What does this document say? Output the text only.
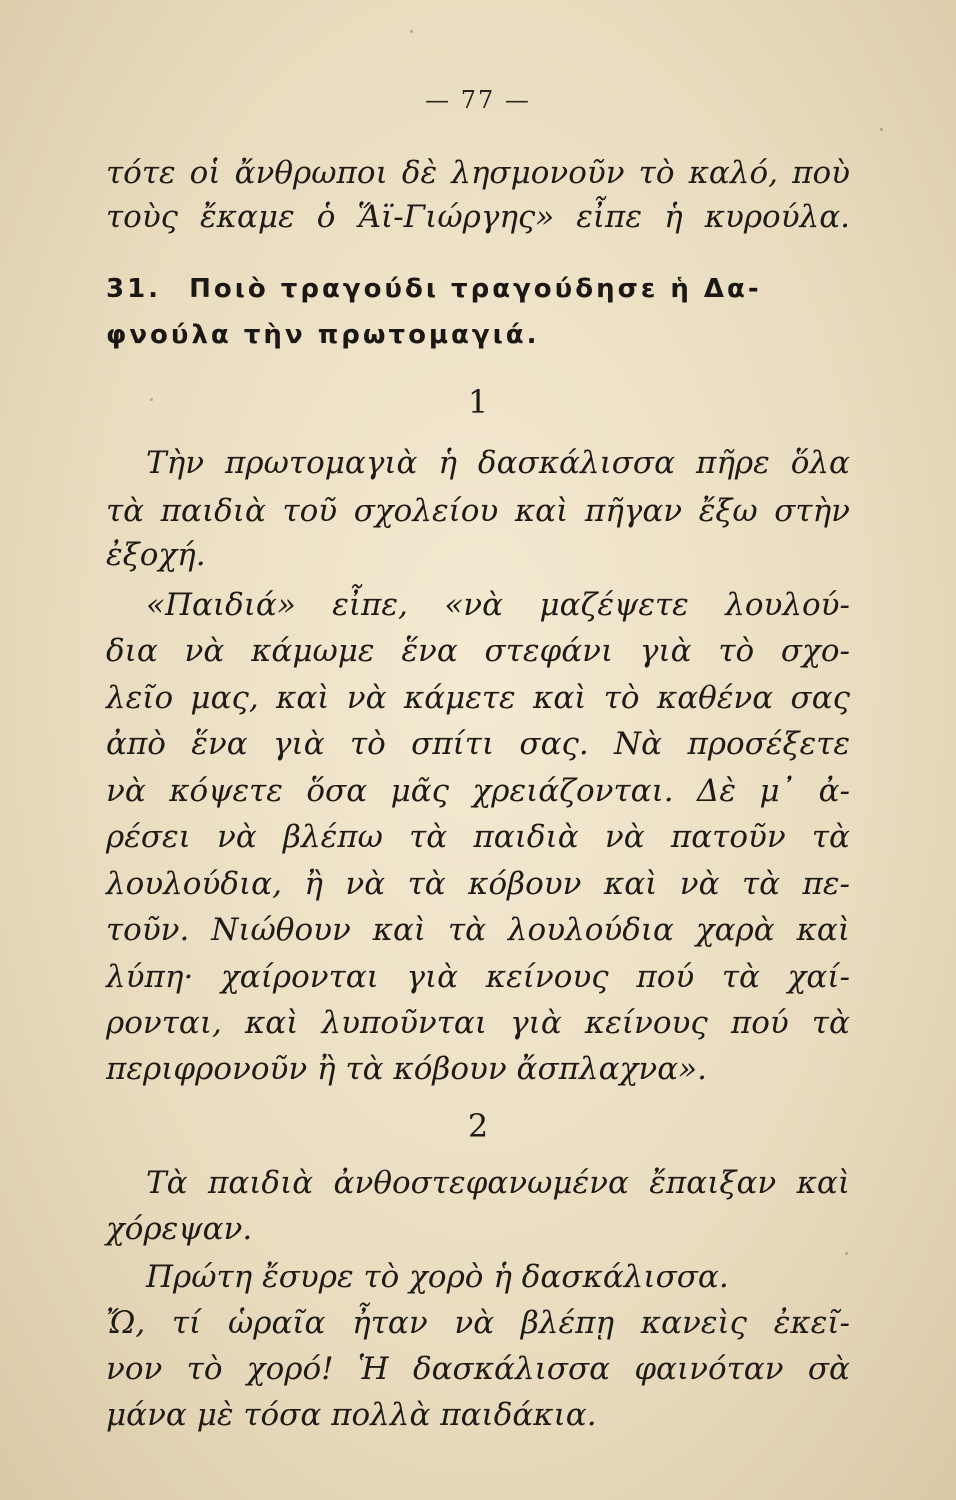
— 77 —
τότε οἱ ἄνθρωποι δὲ λησμονοῦν τὸ καλό, ποὺ
τοὺς ἔκαμε ὁ Ἅϊ-Γιώργης» εἶπε ἡ κυρούλα.
31. Ποιὸ τραγούδι τραγούδησε ἡ Δα-
φνούλα τὴν πρωτομαγιά.
1
Τὴν πρωτομαγιὰ ἡ δασκάλισσα πῆρε ὅλα
τὰ παιδιὰ τοῦ σχολείου καὶ πῆγαν ἔξω στὴν
ἐξοχή.
«Παιδιά» εἶπε, «νὰ μαζέψετε λουλού-
δια νὰ κάμωμε ἕνα στεφάνι γιὰ τὸ σχο-
λεῖο μας, καὶ νὰ κάμετε καὶ τὸ καθένα σας
ἀπὸ ἕνα γιὰ τὸ σπίτι σας. Νὰ προσέξετε
νὰ κόψετε ὅσα μᾶς χρειάζονται. Δὲ μ᾽ ἀ-
ρέσει νὰ βλέπω τὰ παιδιὰ νὰ πατοῦν τὰ
λουλούδια, ἢ νὰ τὰ κόβουν καὶ νὰ τὰ πε-
τοῦν. Νιώθουν καὶ τὰ λουλούδια χαρὰ καὶ
λύπη· χαίρονται γιὰ κείνους πού τὰ χαί-
ρονται, καὶ λυποῦνται γιὰ κείνους πού τὰ
περιφρονοῦν ἢ τὰ κόβουν ἄσπλαχνα».
2
Τὰ παιδιὰ ἀνθοστεφανωμένα ἔπαιξαν καὶ
χόρεψαν.
Πρώτη ἔσυρε τὸ χορὸ ἡ δασκάλισσα.
Ὤ, τί ὡραῖα ἦταν νὰ βλέπῃ κανεὶς ἐκεῖ-
νον τὸ χορό! Ἡ δασκάλισσα φαινόταν σὰ
μάνα μὲ τόσα πολλὰ παιδάκια.
